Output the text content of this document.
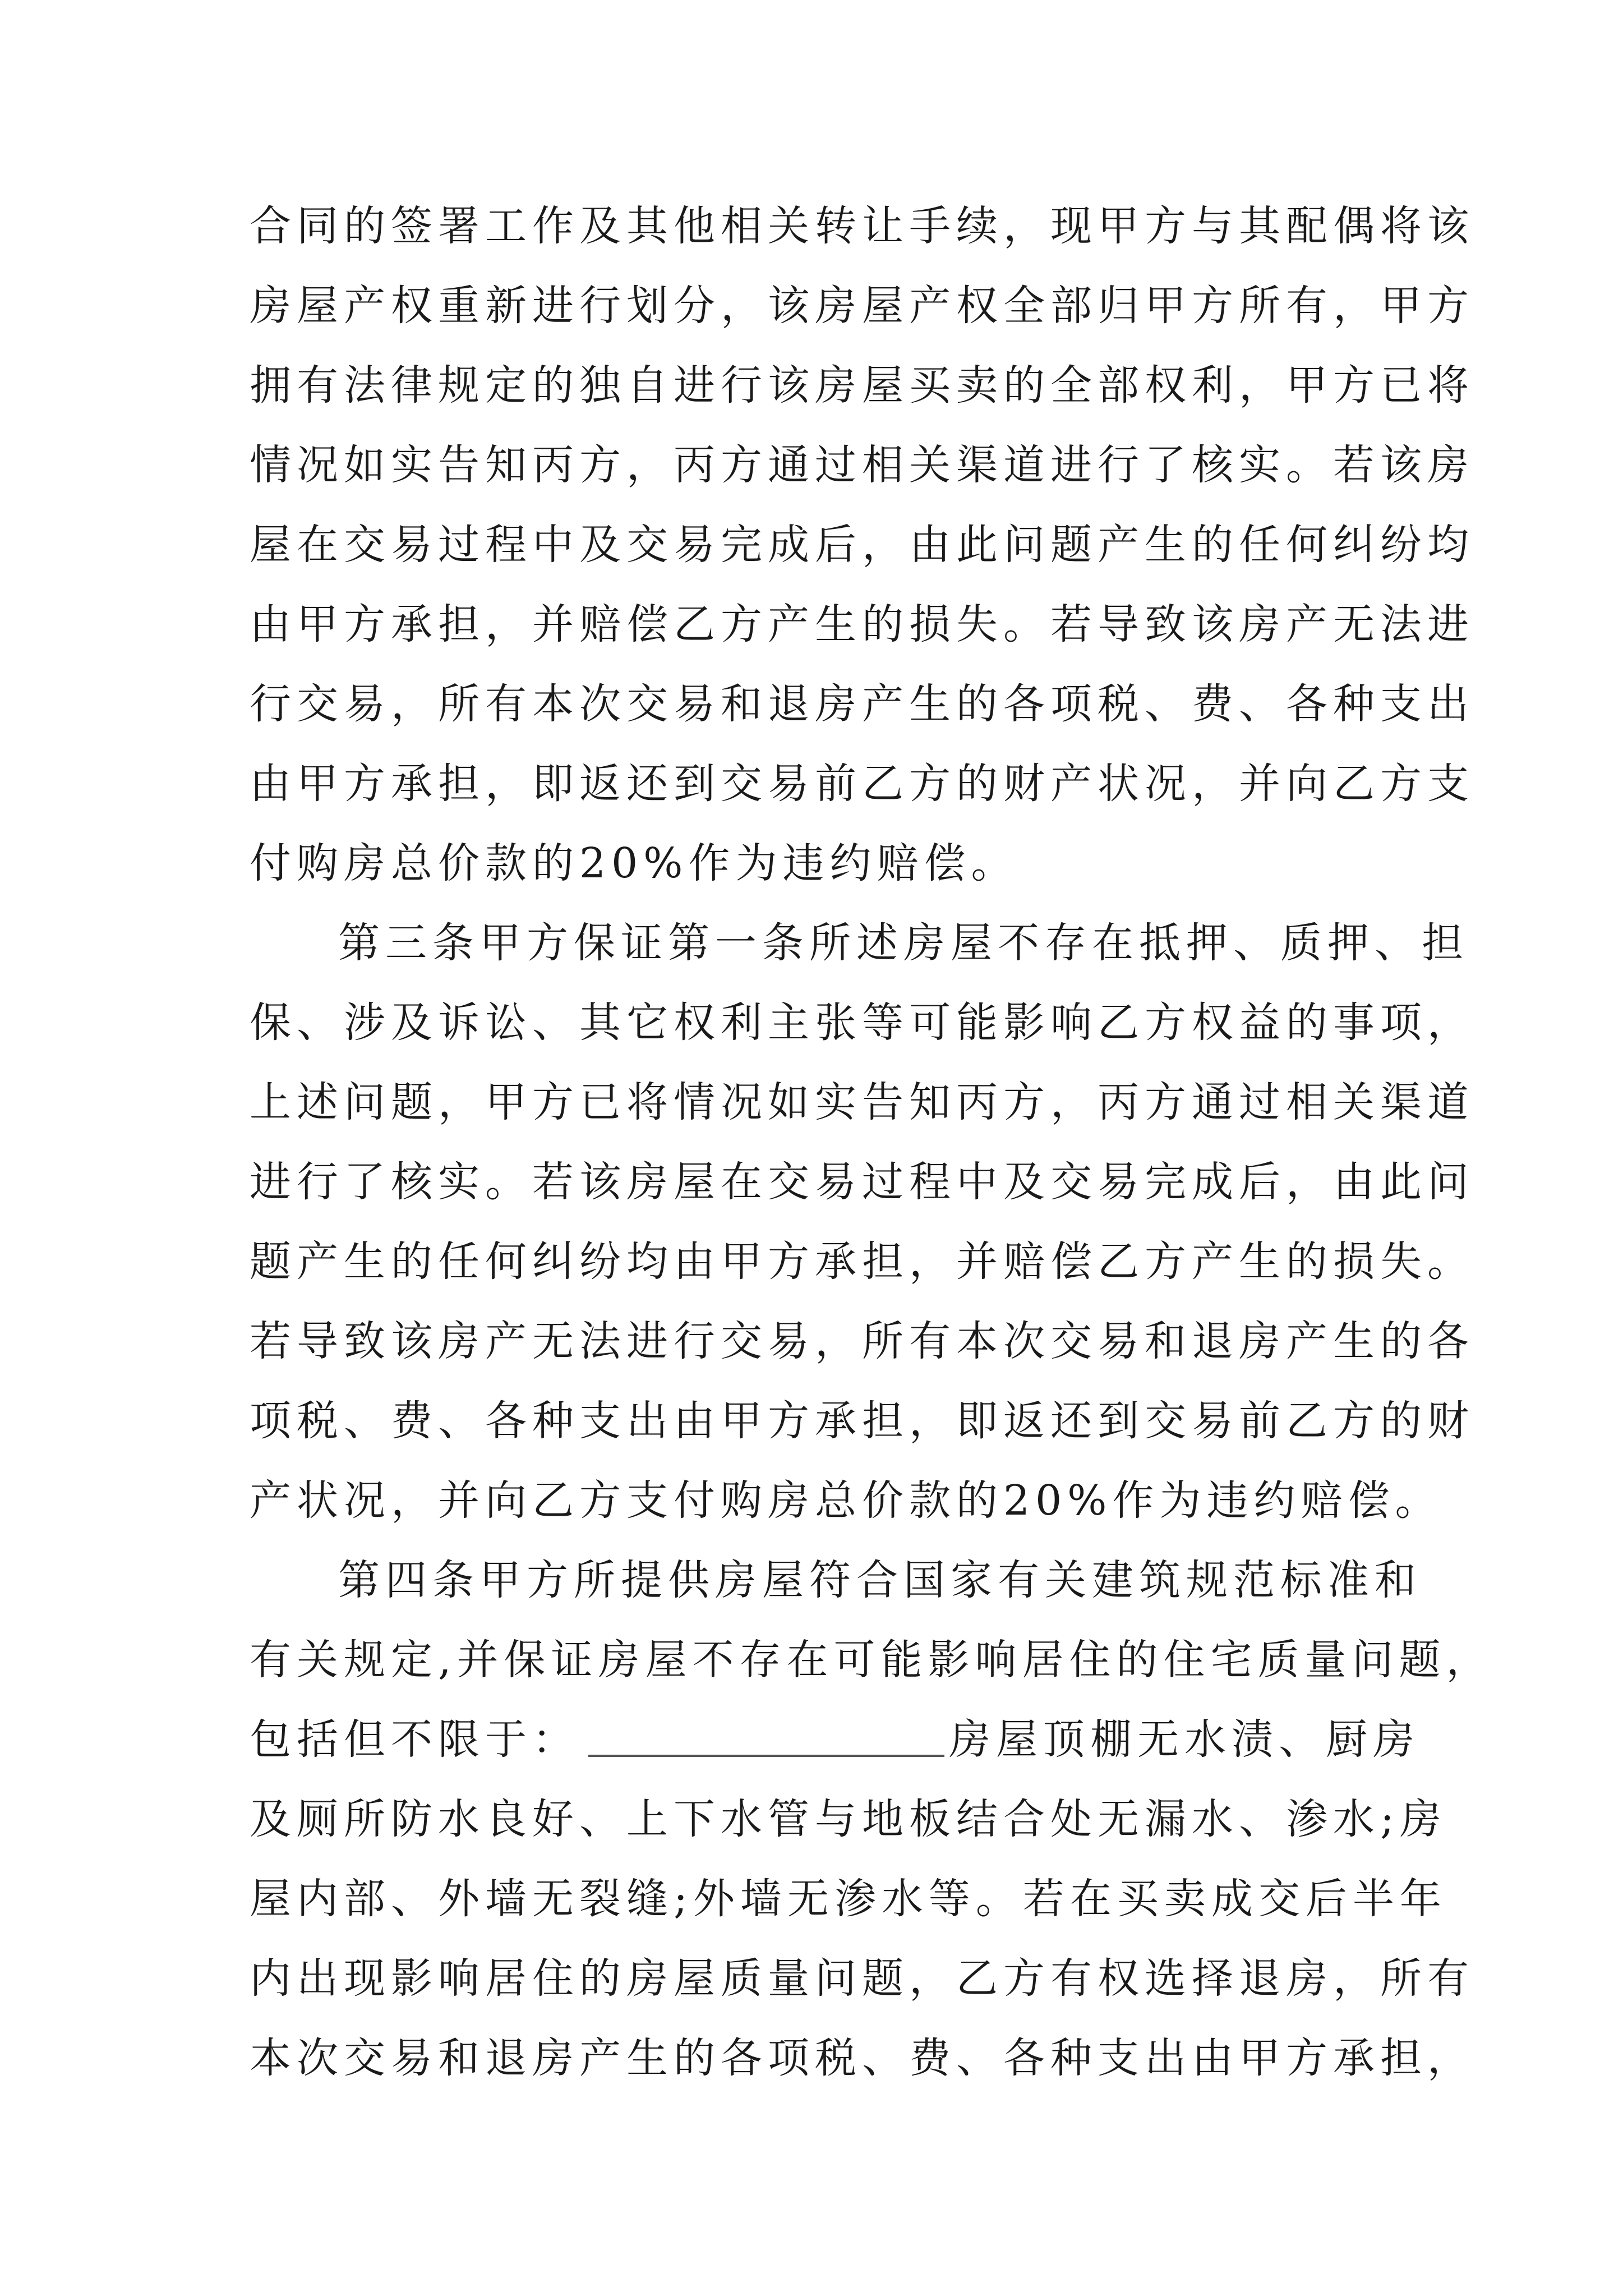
合同的签署工作及其他相关转让手续，现甲方与其配偶将该
房屋产权重新进行划分，该房屋产权全部归甲方所有，甲方
拥有法律规定的独自进行该房屋买卖的全部权利，甲方已将
情况如实告知丙方，丙方通过相关渠道进行了核实。若该房
屋在交易过程中及交易完成后，由此问题产生的任何纠纷均
由甲方承担，并赔偿乙方产生的损失。若导致该房产无法进
行交易，所有本次交易和退房产生的各项税、费、各种支出
由甲方承担，即返还到交易前乙方的财产状况，并向乙方支
付购房总价款的20%作为违约赔偿。
第三条甲方保证第一条所述房屋不存在抵押、质押、担
保、涉及诉讼、其它权利主张等可能影响乙方权益的事项，
上述问题，甲方已将情况如实告知丙方，丙方通过相关渠道
进行了核实。若该房屋在交易过程中及交易完成后，由此问
题产生的任何纠纷均由甲方承担，并赔偿乙方产生的损失。
若导致该房产无法进行交易，所有本次交易和退房产生的各
项税、费、各种支出由甲方承担，即返还到交易前乙方的财
产状况，并向乙方支付购房总价款的20%作为违约赔偿。
第四条甲方所提供房屋符合国家有关建筑规范标准和
有关规定,并保证房屋不存在可能影响居住的住宅质量问题，
包括但不限于：	房屋顶棚无水渍、厨房
及厕所防水良好、上下水管与地板结合处无漏水、渗水;房
屋内部、外墙无裂缝;外墙无渗水等。若在买卖成交后半年
内出现影响居住的房屋质量问题，乙方有权选择退房，所有
本次交易和退房产生的各项税、费、各种支出由甲方承担，
